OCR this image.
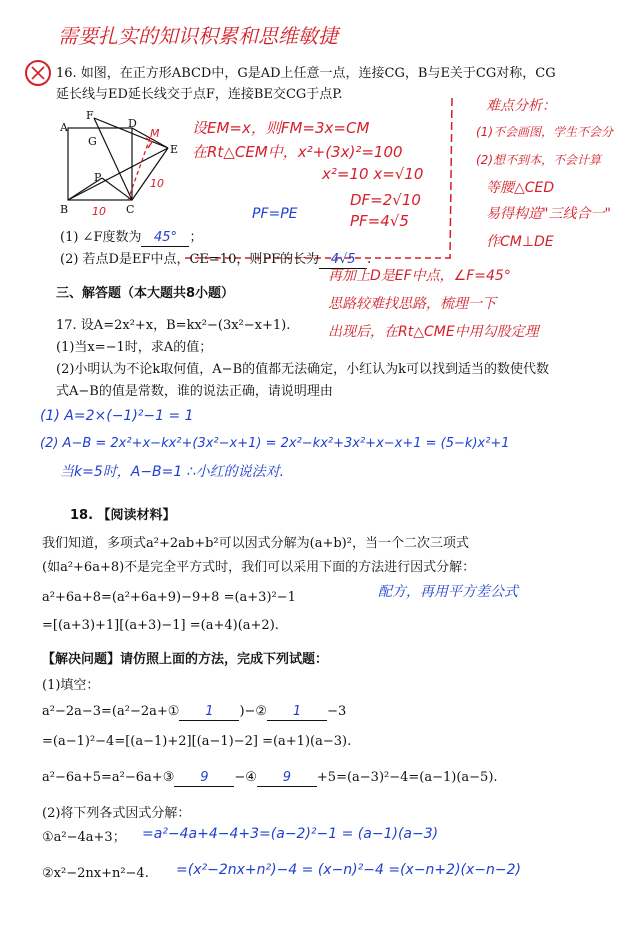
需要扎实的知识积累和思维敏捷
A
F
G
D
M
E
P
B	C
10
10
16. 如图，在正方形ABCD中，G是AD上任意一点，连接CG，B与E关于CG对称，CG
延长线与ED延长线交于点F，连接BE交CG于点P.
设EM=x，则FM=3x=CM
在Rt△CEM中，x²+(3x)²=100
x²=10 x=√10
DF=2√10
PF=4√5
难点分析：
(1)不会画图，学生不会分
(2)想不到本，不会计算
等腰△CED
易得构造"三线合一"
作CM⊥DE
PF=PE
(1) ∠F度数为 45° ；
(2) 若点D是EF中点，CE=10，则PF的长为 4√5 .
再加上D是EF中点，∠F=45°
思路较难找思路，梳理一下
出现后，在Rt△CME中用勾股定理
三、解答题（本大题共8小题）
17. 设A=2x²+x，B=kx²−(3x²−x+1).
(1)当x=−1时，求A的值；
(2)小明认为不论k取何值，A−B的值都无法确定，小红认为k可以找到适当的数使代数
式A−B的值是常数，谁的说法正确，请说明理由
(1) A=2×(−1)²−1 = 1
(2) A−B = 2x²+x−kx²+(3x²−x+1) = 2x²−kx²+3x²+x−x+1 = (5−k)x²+1
当k=5时，A−B=1 ∴小红的说法对.
18. 【阅读材料】
我们知道，多项式a²+2ab+b²可以因式分解为(a+b)²，当一个二次三项式
(如a²+6a+8)不是完全平方式时，我们可以采用下面的方法进行因式分解：
a²+6a+8=(a²+6a+9)−9+8 =(a+3)²−1	配方，再用平方差公式
=[(a+3)+1][(a+3)−1] =(a+4)(a+2).
【解决问题】请仿照上面的方法，完成下列试题：
(1)填空：
a²−2a−3=(a²−2a+① 1 )−② 1 −3
=(a−1)²−4=[(a−1)+2][(a−1)−2] =(a+1)(a−3).
a²−6a+5=a²−6a+③ 9 −④ 9 +5=(a−3)²−4=(a−1)(a−5).
(2)将下列各式因式分解：
①a²−4a+3； =a²−4a+4−4+3=(a−2)²−1 = (a−1)(a−3)
②x²−2nx+n²−4. =(x²−2nx+n²)−4 = (x−n)²−4 =(x−n+2)(x−n−2)
